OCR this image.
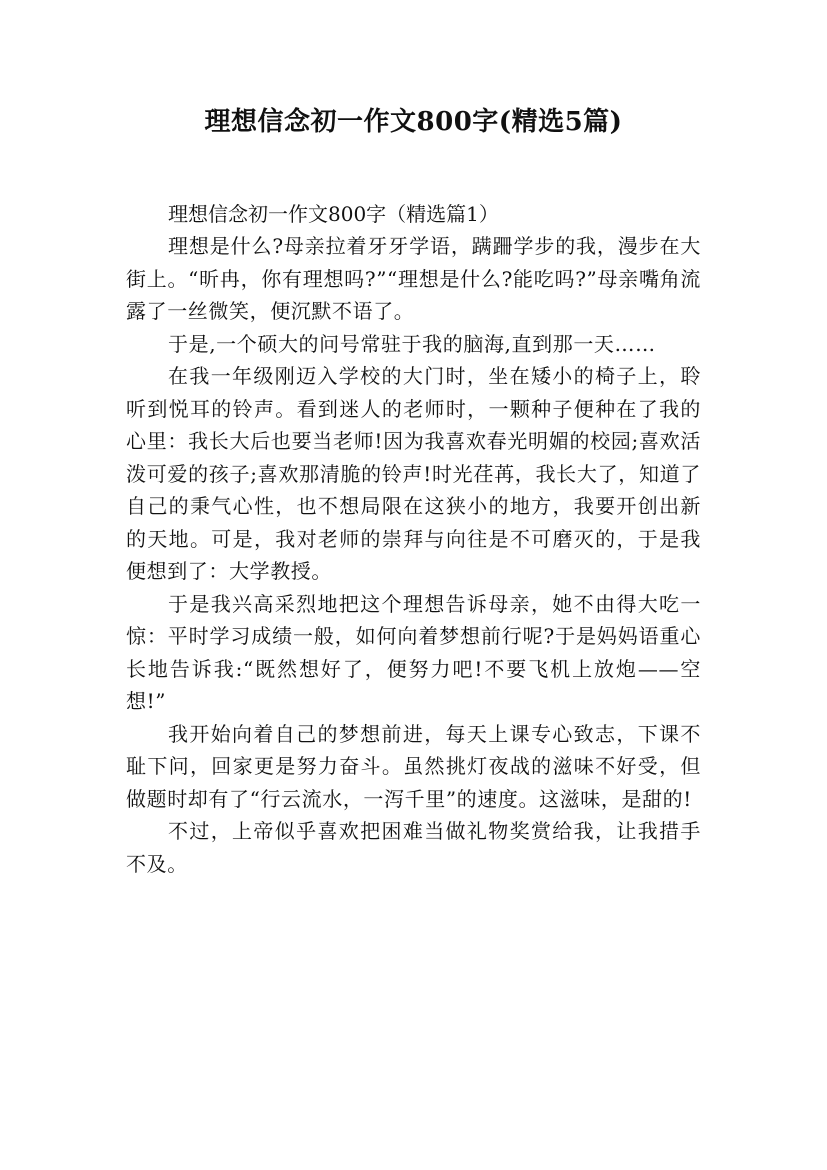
理想信念初一作文800字(精选5篇)

理想信念初一作文800字（精选篇1）

理想是什么?母亲拉着牙牙学语，蹒跚学步的我，漫步在大街上。“昕冉，你有理想吗?”“理想是什么?能吃吗?”母亲嘴角流露了一丝微笑，便沉默不语了。

于是,一个硕大的问号常驻于我的脑海,直到那一天……

在我一年级刚迈入学校的大门时，坐在矮小的椅子上，聆听到悦耳的铃声。看到迷人的老师时，一颗种子便种在了我的心里：我长大后也要当老师!因为我喜欢春光明媚的校园;喜欢活泼可爱的孩子;喜欢那清脆的铃声!时光荏苒，我长大了，知道了自己的秉气心性，也不想局限在这狭小的地方，我要开创出新的天地。可是，我对老师的崇拜与向往是不可磨灭的，于是我便想到了：大学教授。

于是我兴高采烈地把这个理想告诉母亲，她不由得大吃一惊：平时学习成绩一般，如何向着梦想前行呢?于是妈妈语重心长地告诉我:“既然想好了，便努力吧!不要飞机上放炮——空想!”

我开始向着自己的梦想前进，每天上课专心致志，下课不耻下问，回家更是努力奋斗。虽然挑灯夜战的滋味不好受，但做题时却有了“行云流水，一泻千里”的速度。这滋味，是甜的!

不过，上帝似乎喜欢把困难当做礼物奖赏给我，让我措手不及。
